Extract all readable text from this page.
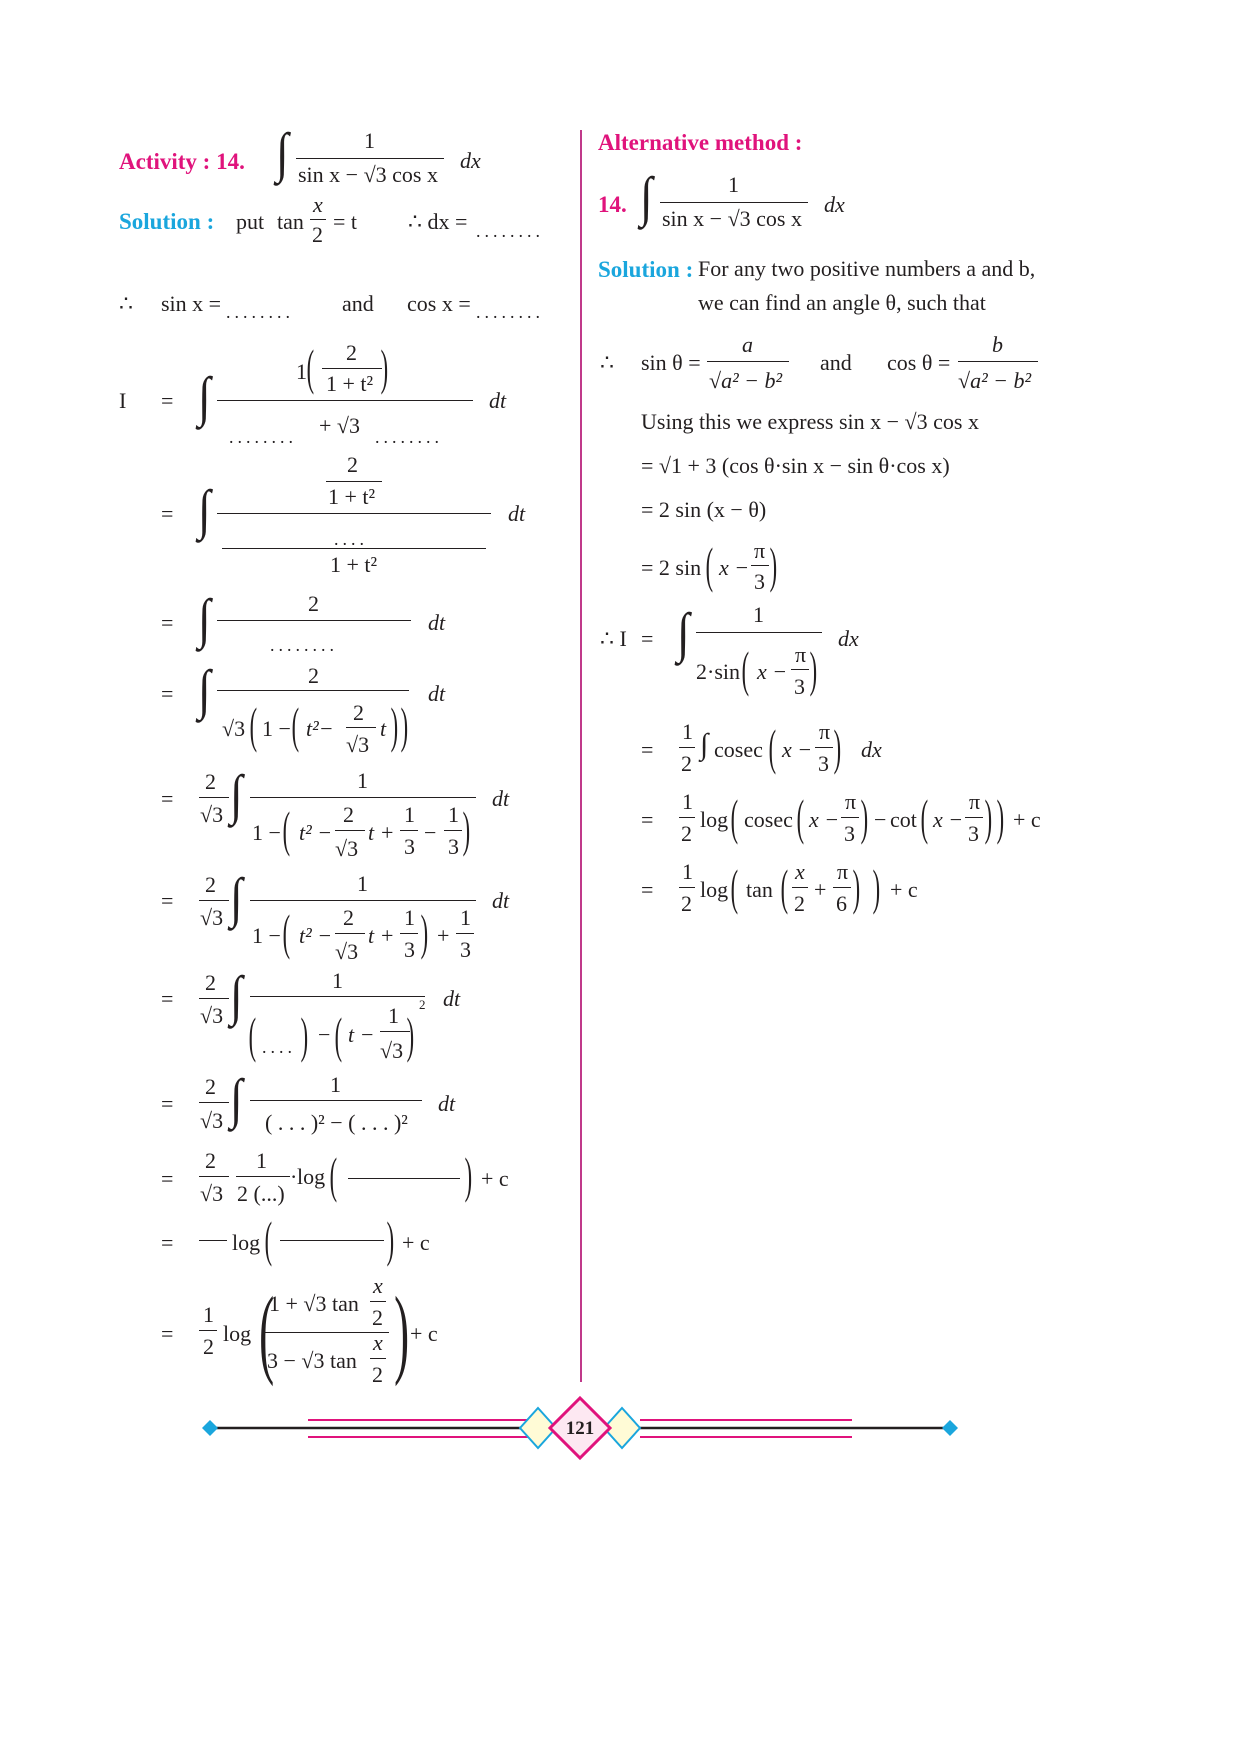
Activity : 14. ∫	1
sin x − √3 cos x
dx
Solution : put tan
x
2
= t ∴ dx = ........
∴ sin x = ........ and cos x = ........
I = ∫	1 ( 2
1 + t² )
........ + √3 ........
dt
= ∫
2
1 + t²
....
1 + t²
dt
= ∫	2
........
dt
= ∫	2
√3 ( 1 − ( t²−
2
√3
t ) )
dt
=
2
√3 ∫	1
1 − ( t² −
2
√3
t +
1
3
−
1
3 )
dt
=
2
√3 ∫	1
1 − ( t² −
2
√3
t +
1
3 ) +
1
3
dt
=
2
√3 ∫	1
( .... ) − ( t −
1
√3 )
2 dt
=
2
√3 ∫	1
( . . . )² − ( . . . )²
dt
=
2
√3
1
2 (...)
· log (	) + c
=	log ( ) + c
=
1
2
log (
1 + √3 tan
x
2
3 − √3 tan
x
2 ) + c
Alternative method :
14. ∫	1
sin x − √3 cos x
dx
Solution : For any two positive numbers a and b,
we can find an angle θ, such that
∴ sin θ =
a
√a² − b²
and cos θ =
b
√a² − b²
Using this we express sin x − √3 cos x
= √1 + 3 (cos θ·sin x − sin θ·cos x)
= 2 sin (x − θ)
= 2 sin ( x −
π
3 )
∴ I = ∫	1
2·sin ( x −
π
3 )
dx
=
1
2
∫ cosec ( x −
π
3 ) dx
=
1
2
log ( cosec ( x −
π
3 ) − cot ( x −
π
3 ) ) + c
=
1
2
log ( tan ( x
2
+
π
6 ) ) + c
121
